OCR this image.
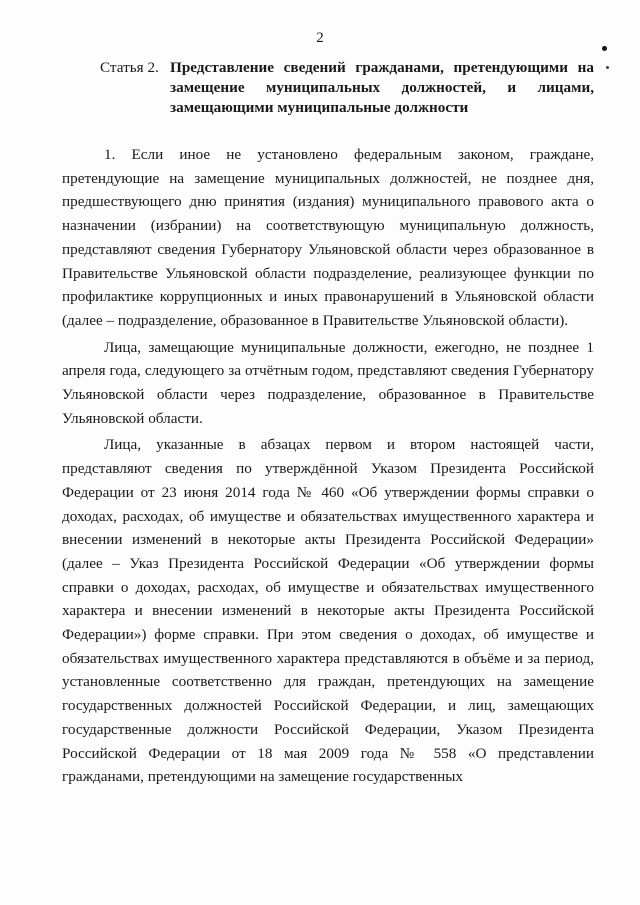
2
Статья 2. Представление сведений гражданами, претендующими на замещение муниципальных должностей, и лицами, замещающими муниципальные должности

1. Если иное не установлено федеральным законом, граждане, претендующие на замещение муниципальных должностей, не позднее дня, предшествующего дню принятия (издания) муниципального правового акта о назначении (избрании) на соответствующую муниципальную должность, представляют сведения Губернатору Ульяновской области через образованное в Правительстве Ульяновской области подразделение, реализующее функции по профилактике коррупционных и иных правонарушений в Ульяновской области (далее – подразделение, образованное в Правительстве Ульяновской области).

Лица, замещающие муниципальные должности, ежегодно, не позднее 1 апреля года, следующего за отчётным годом, представляют сведения Губернатору Ульяновской области через подразделение, образованное в Правительстве Ульяновской области.

Лица, указанные в абзацах первом и втором настоящей части, представляют сведения по утверждённой Указом Президента Российской Федерации от 23 июня 2014 года № 460 «Об утверждении формы справки о доходах, расходах, об имуществе и обязательствах имущественного характера и внесении изменений в некоторые акты Президента Российской Федерации» (далее – Указ Президента Российской Федерации «Об утверждении формы справки о доходах, расходах, об имуществе и обязательствах имущественного характера и внесении изменений в некоторые акты Президента Российской Федерации») форме справки. При этом сведения о доходах, об имуществе и обязательствах имущественного характера представляются в объёме и за период, установленные соответственно для граждан, претендующих на замещение государственных должностей Российской Федерации, и лиц, замещающих государственные должности Российской Федерации, Указом Президента Российской Федерации от 18 мая 2009 года № 558 «О представлении гражданами, претендующими на замещение государственных
